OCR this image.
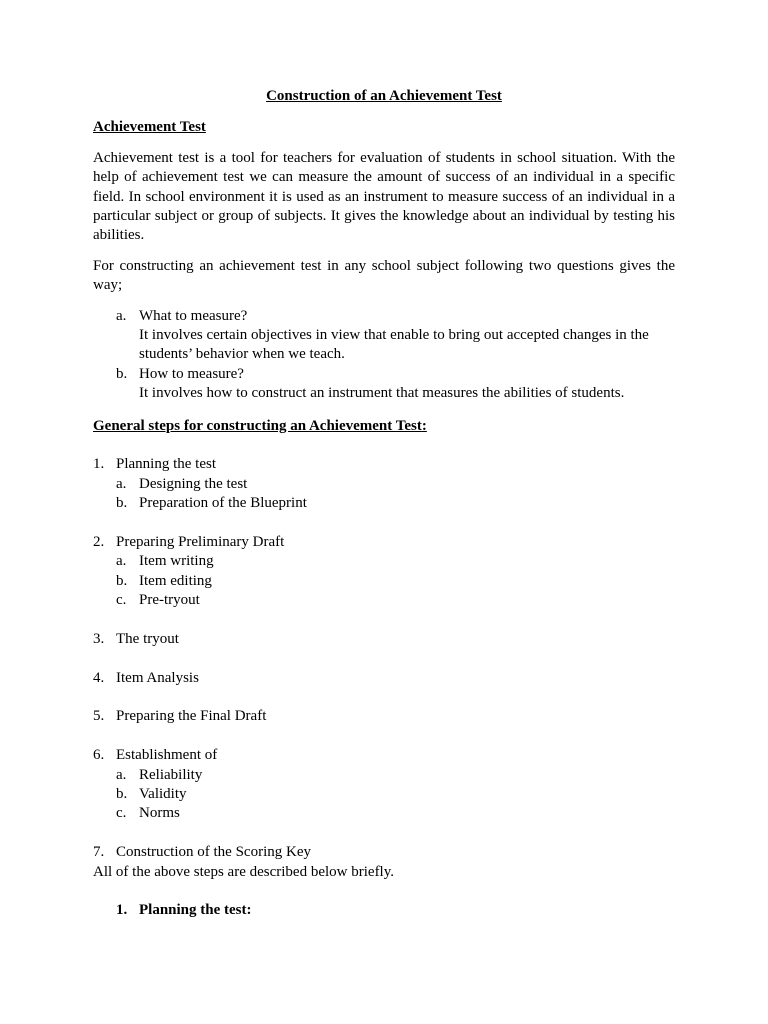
Construction of an Achievement Test
Achievement Test
Achievement test is a tool for teachers for evaluation of students in school situation. With the help of achievement test we can measure the amount of success of an individual in a specific field. In school environment it is used as an instrument to measure success of an individual in a particular subject or group of subjects. It gives the knowledge about an individual by testing his abilities.
For constructing an achievement test in any school subject following two questions gives the way;
a. What to measure?
It involves certain objectives in view that enable to bring out accepted changes in the students’ behavior when we teach.
b. How to measure?
It involves how to construct an instrument that measures the abilities of students.
General steps for constructing an Achievement Test:
1. Planning the test
a. Designing the test
b. Preparation of the Blueprint
2. Preparing Preliminary Draft
a. Item writing
b. Item editing
c. Pre-tryout
3. The tryout
4. Item Analysis
5. Preparing the Final Draft
6. Establishment of
a. Reliability
b. Validity
c. Norms
7. Construction of the Scoring Key
All of the above steps are described below briefly.
1. Planning the test:
